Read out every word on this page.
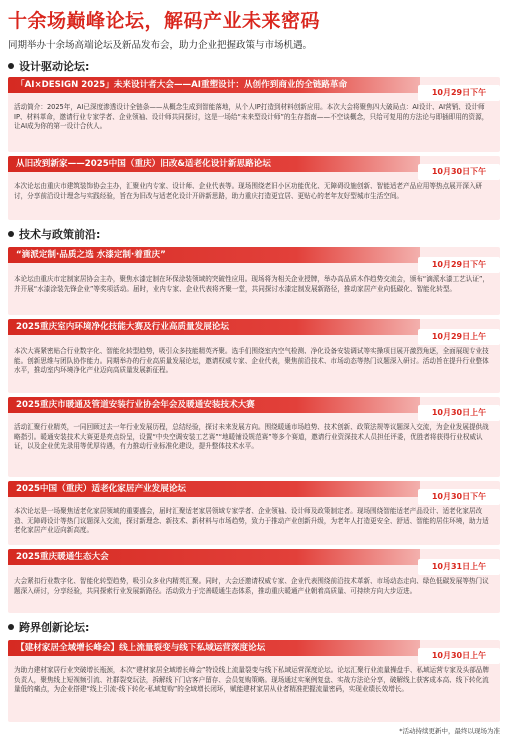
十余场巅峰论坛，解码产业未来密码
同期举办十余场高端论坛及新品发布会，助力企业把握政策与市场机遇。
设计驱动论坛:
「AI×DESIGN 2025」未来设计者大会——AI重塑设计：从创作到商业的全链路革命
10月29日下午
活动简介：2025年，AI已深度渗透设计全链条——从概念生成到智能落地，从个人IP打造到材料创新应用。本次大会将聚焦四大破局点：AI设计、AI营销、设计师IP、材料革命，邀请行业专家学者、企业领袖、设计师共同探讨，这是一场给“未来型设计师”的生存指南——不空谈概念，只给可复用的方法论与即插即用的资源，让AI成为你的第一设计合伙人。
从旧改到新家——2025中国（重庆）旧改&适老化设计新思路论坛
10月30日下午
本次论坛由重庆市建筑装饰协会主办，汇聚业内专家、设计师、企业代表等。现场围绕老旧小区功能优化、无障碍设施创新、智能适老产品应用等热点展开深入研讨，分享前沿设计理念与实践经验，旨在为旧改与适老化设计开辟新思路，助力重庆打造更宜居、更贴心的老年友好型城市生活空间。
技术与政策前沿:
“滴派定制·品质之选 水漆定制·着重庆”
10月29日下午
本论坛由重庆市定制家居协会主办，聚焦水漆定制在环保涂装领域的突破性应用。现场将为相关企业授牌，举办高品质木作趋势交流会，颁布“滴派水漆工艺认证”，并开展“水漆涂装先锋企业”等奖项活动。届时，业内专家、企业代表将齐聚一堂，共同探讨水漆定制发展新路径，推动家居产业向低碳化、智能化转型。
2025重庆室内环境净化技能大赛及行业高质量发展论坛
10月29日上午
本次大赛紧密贴合行业数字化、智能化转型趋势，吸引众多技能精英齐聚。选手们围绕室内空气检测、净化设备安装调试等实操项目展开激烈角逐，全面展现专业技能。创新思维与团队协作能力。同期举办的行业高质量发展论坛，邀请权威专家、企业代表，聚焦前沿技术、市场动态等热门议题深入研讨。活动旨在提升行业整体水平，推动室内环境净化产业迈向高质量发展新征程。
2025重庆市暖通及管道安装行业协会年会及暖通安装技术大赛
10月30日上午
活动汇聚行业精英，一同回顾过去一年行业发展历程，总结经验，探讨未来发展方向。围绕暖通市场趋势、技术创新、政策法规等议题深入交流，为企业发展提供战略指引。暖通安装技术大赛更是亮点纷呈，设置“中央空调安装工艺赛”“地暖铺设规范赛”等多个赛道，邀请行业资深技术人员担任评委，优胜者将获得行业权威认证，以及企业优先录用等优厚待遇，有力推动行业标准化建设，提升整体技术水平。
2025中国（重庆）适老化家居产业发展论坛
10月30日下午
本次论坛是一场聚焦适老化家居领域的重要盛会，届时汇聚适老家居领域专家学者、企业领袖、设计师及政策制定者。现场围绕智能适老产品设计、适老化家居改造、无障碍设计等热门议题深入交流，探讨新理念、新技术、新材料与市场趋势，致力于推动产业创新升级，为老年人打造更安全、舒适、智能的居住环境，助力适老化家居产业迈向新高度。
2025重庆暖通生态大会
10月31日上午
大会紧扣行业数字化、智能化转型趋势，吸引众多业内精英汇聚。同时，大会还邀请权威专家、企业代表围绕前沿技术革新、市场动态走向、绿色低碳发展等热门议题深入研讨，分享经验，共同探索行业发展新路径。活动致力于完善暖通生态体系，推动重庆暖通产业朝着高质量、可持续方向大步迈进。
跨界创新论坛:
【建材家居全域增长峰会】线上流量裂变与线下私域运营深度论坛
10月30日上午
为助力建材家居行业突破增长瓶颈，本次“建材家居全域增长峰会”特设线上流量裂变与线下私域运营深度论坛。论坛汇聚行业流量操盘手、私域运营专家及头部品牌负责人，聚焦线上短视频引流、社群裂变玩法，拆解线下门店客户留存、会员复购策略。现场通过实案例复盘、实战方法论分享，破解线上获客成本高、线下转化流量低的痛点，为企业搭建“线上引流-线下转化-私域复购”的全域增长闭环，赋能建材家居从业者精准把握流量密码，实现业绩长效增长。
*活动持续更新中，最终以现场为准
